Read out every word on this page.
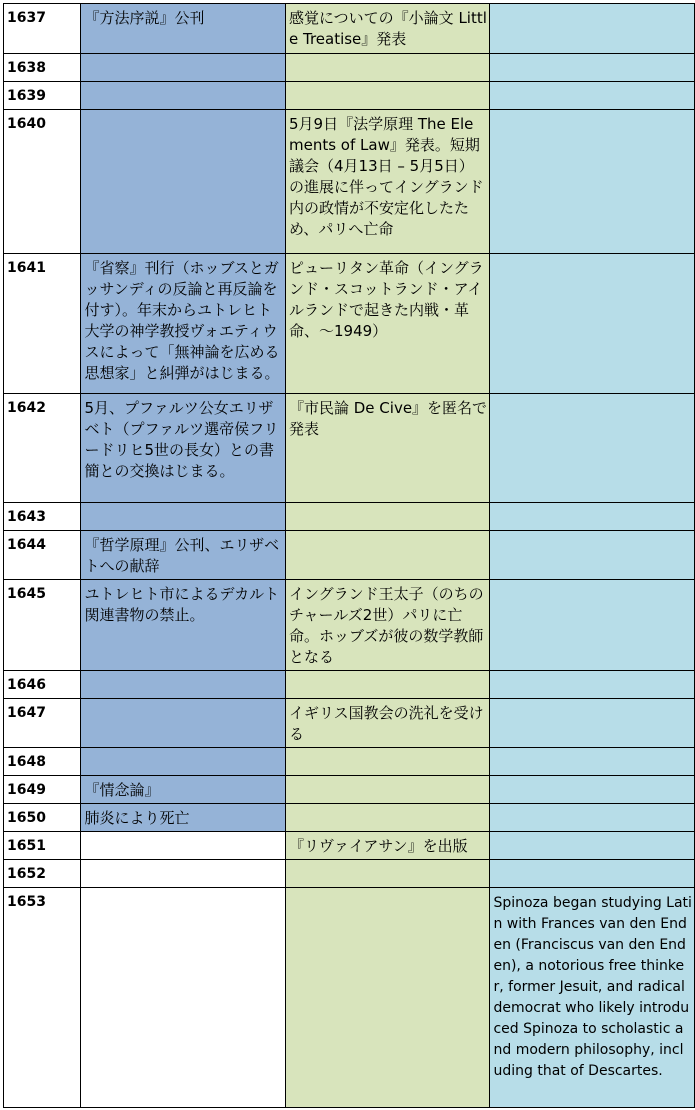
1637	『方法序説』公刊	感覚についての『小論文 Little Treatise』発表	
1638			
1639			
1640		5月9日『法学原理 The Elements of Law』発表。短期議会（4月13日 – 5月5日）の進展に伴ってイングランド内の政情が不安定化したため、パリへ亡命	
1641	『省察』刊行（ホッブスとガッサンディの反論と再反論を付す）。年末からユトレヒト大学の神学教授ヴォエティウスによって「無神論を広める思想家」と糾弾がはじまる。	ピューリタン革命（イングランド・スコットランド・アイルランドで起きた内戦・革命、～1949）	
1642	5月、プファルツ公女エリザベト（プファルツ選帝侯フリードリヒ5世の長女）との書簡との交換はじまる。	『市民論 De Cive』を匿名で発表	
1643			
1644	『哲学原理』公刊、エリザベトへの献辞		
1645	ユトレヒト市によるデカルト関連書物の禁止。	イングランド王太子（のちのチャールズ2世）パリに亡命。ホッブズが彼の数学教師となる	
1646			
1647		イギリス国教会の洗礼を受ける	
1648			
1649	『情念論』		
1650	肺炎により死亡		
1651		『リヴァイアサン』を出版	
1652			
1653			Spinoza began studying Latin with Frances van den Enden (Franciscus van den Enden), a notorious free thinker, former Jesuit, and radical democrat who likely introduced Spinoza to scholastic and modern philosophy, including that of Descartes.
